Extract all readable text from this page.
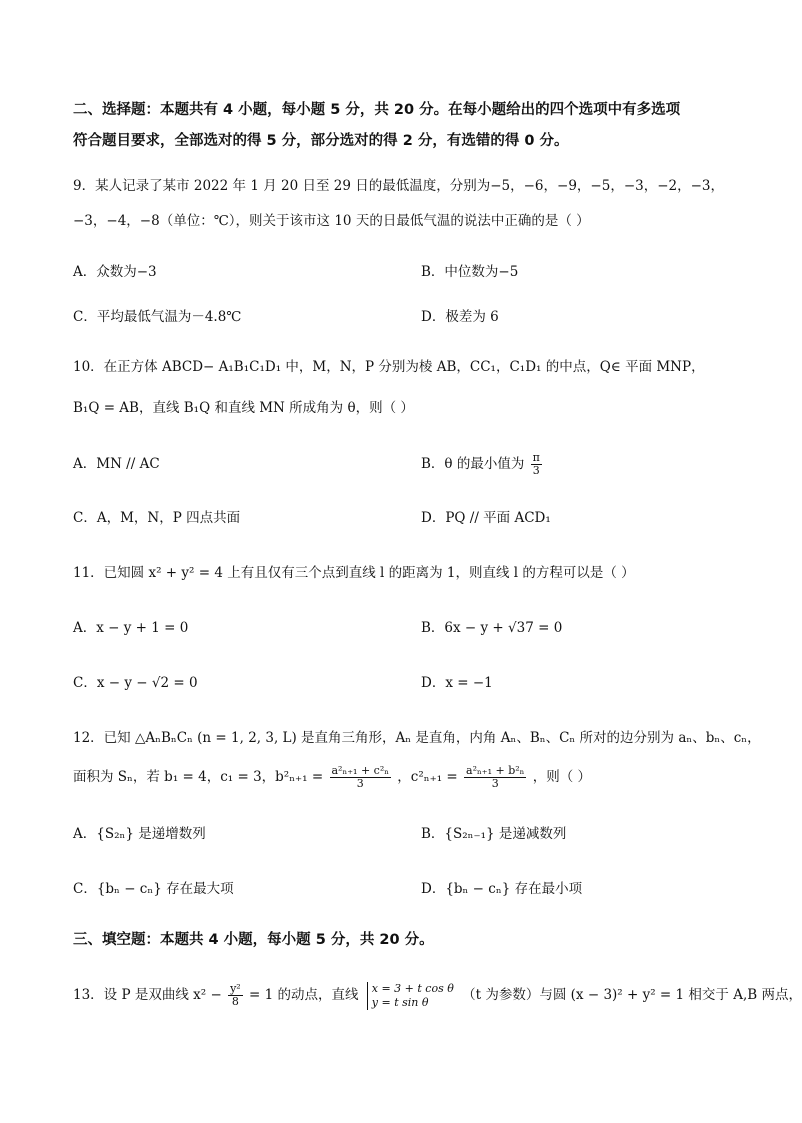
二、选择题：本题共有 4 小题，每小题 5 分，共 20 分。在每小题给出的四个选项中有多选项
符合题目要求，全部选对的得 5 分，部分选对的得 2 分，有选错的得 0 分。
9．某人记录了某市 2022 年 1 月 20 日至 29 日的最低温度，分别为−5，−6，−9，−5，−3，−2，−3，
−3，−4，−8（单位：℃），则关于该市这 10 天的日最低气温的说法中正确的是（ ）
A．众数为−3	B．中位数为−5
C．平均最低气温为－4.8℃	D．极差为 6
10．在正方体 ABCD− A₁B₁C₁D₁ 中，M，N，P 分别为棱 AB，CC₁，C₁D₁ 的中点，Q∈ 平面 MNP，
B₁Q = AB，直线 B₁Q 和直线 MN 所成角为 θ，则（ ）
A．MN // AC	B．θ 的最小值为 $\frac{\pi}{3}$
C．A，M，N，P 四点共面	D．PQ // 平面 ACD₁
11．已知圆 x² + y² = 4 上有且仅有三个点到直线 l 的距离为 1，则直线 l 的方程可以是（ ）
A．x − y + 1 = 0	B．6x − y + √37 = 0
C．x − y − √2 = 0	D．x = −1
12．已知 △AₙBₙCₙ (n = 1, 2, 3, L) 是直角三角形，Aₙ 是直角，内角 Aₙ、Bₙ、Cₙ 所对的边分别为 aₙ、bₙ、cₙ，
面积为 Sₙ，若 b₁ = 4，c₁ = 3，$b^2_{n+1} = \frac{\text{a²ₙ₊₁ + c²ₙ}}{3}$ ，$c^2_{n+1} = \frac{\text{a²ₙ₊₁ + b²ₙ}}{3}$ ，则（ ）
A．{S₂ₙ} 是递增数列	B．{S₂ₙ₋₁} 是递减数列
C．{bₙ − cₙ} 存在最大项	D．{bₙ − cₙ} 存在最小项
三、填空题：本题共 4 小题，每小题 5 分，共 20 分。
13．设 P 是双曲线 $x^2 - \frac{\text{y²}}{8} = 1$ 的动点，直线 x = 3 + t cos θ
y = t sin θ	（t 为参数）与圆 (x − 3)² + y² = 1 相交于 A,B 两点，
